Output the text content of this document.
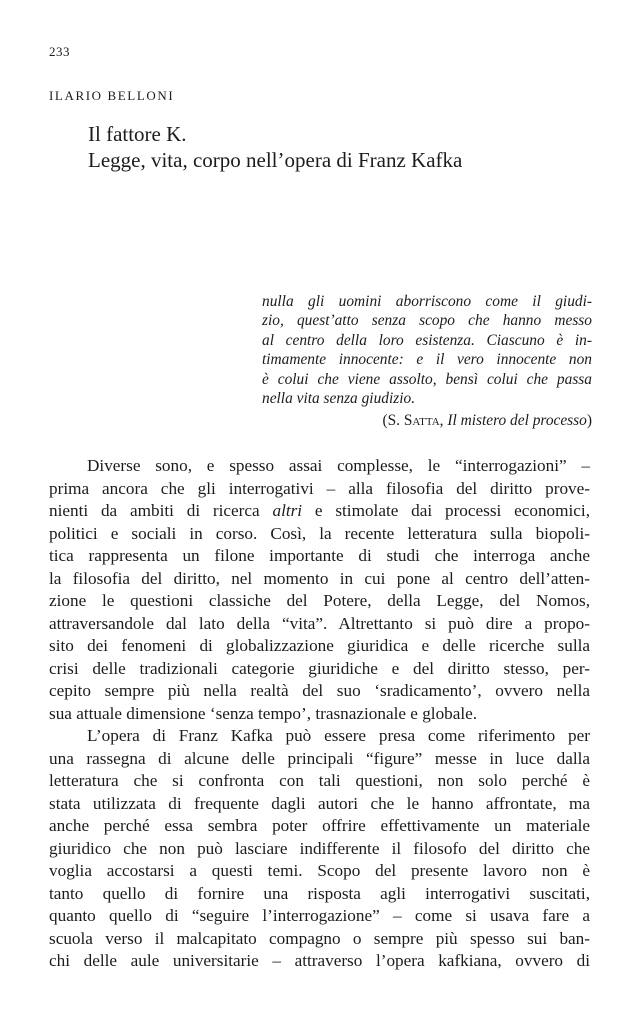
233
ILARIO BELLONI
Il fattore K.
Legge, vita, corpo nell’opera di Franz Kafka
nulla gli uomini aborriscono come il giudi-
zio, quest’atto senza scopo che hanno messo
al centro della loro esistenza. Ciascuno è in-
timamente innocente: e il vero innocente non
è colui che viene assolto, bensì colui che passa
nella vita senza giudizio.
(S. Satta, Il mistero del processo)
Diverse sono, e spesso assai complesse, le “interrogazioni” –
prima ancora che gli interrogativi – alla filosofia del diritto prove-
nienti da ambiti di ricerca altri e stimolate dai processi economici,
politici e sociali in corso. Così, la recente letteratura sulla biopoli-
tica rappresenta un filone importante di studi che interroga anche
la filosofia del diritto, nel momento in cui pone al centro dell’atten-
zione le questioni classiche del Potere, della Legge, del Nomos,
attraversandole dal lato della “vita”. Altrettanto si può dire a propo-
sito dei fenomeni di globalizzazione giuridica e delle ricerche sulla
crisi delle tradizionali categorie giuridiche e del diritto stesso, per-
cepito sempre più nella realtà del suo ‘sradicamento’, ovvero nella
sua attuale dimensione ‘senza tempo’, trasnazionale e globale.
L’opera di Franz Kafka può essere presa come riferimento per
una rassegna di alcune delle principali “figure” messe in luce dalla
letteratura che si confronta con tali questioni, non solo perché è
stata utilizzata di frequente dagli autori che le hanno affrontate, ma
anche perché essa sembra poter offrire effettivamente un materiale
giuridico che non può lasciare indifferente il filosofo del diritto che
voglia accostarsi a questi temi. Scopo del presente lavoro non è
tanto quello di fornire una risposta agli interrogativi suscitati,
quanto quello di “seguire l’interrogazione” – come si usava fare a
scuola verso il malcapitato compagno o sempre più spesso sui ban-
chi delle aule universitarie – attraverso l’opera kafkiana, ovvero di
